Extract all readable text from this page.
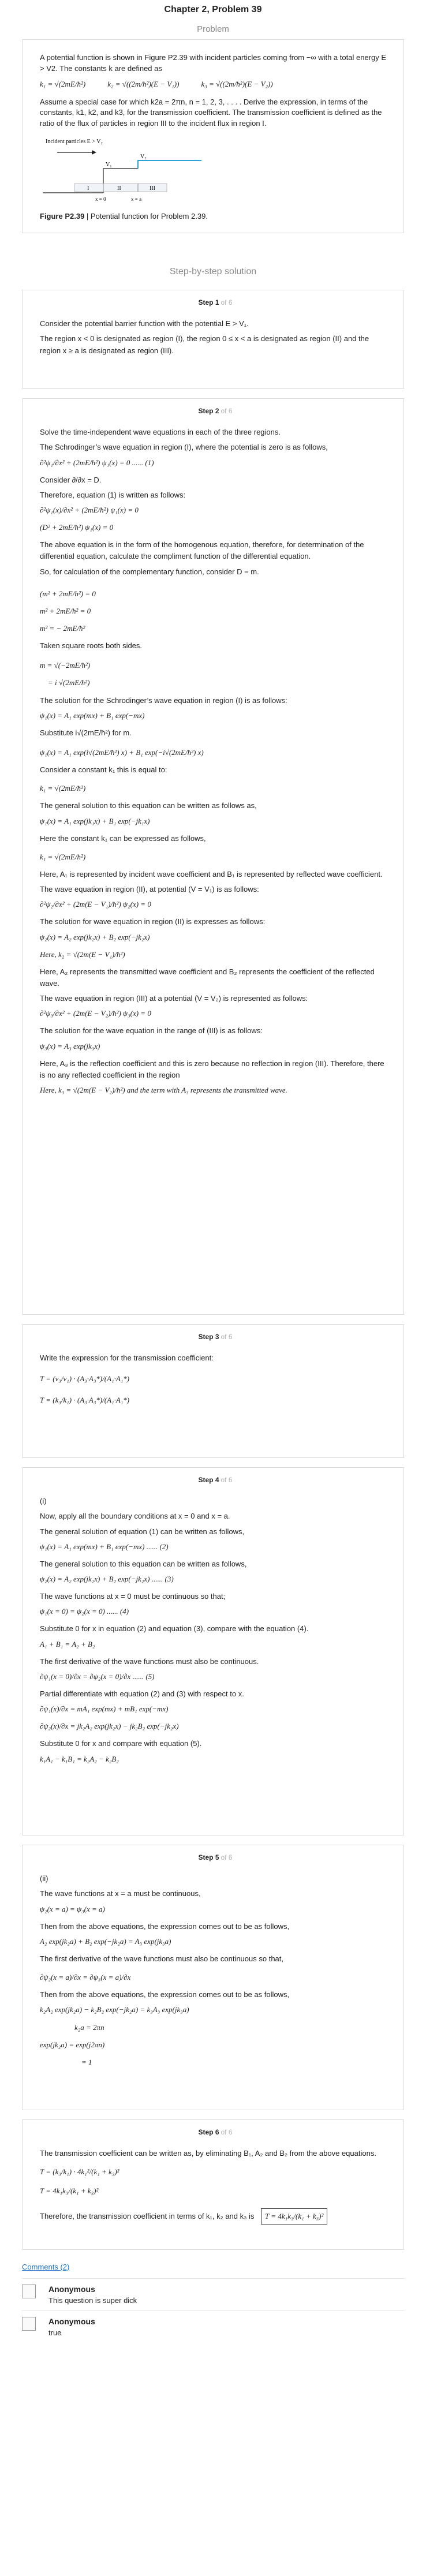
Chapter 2, Problem 39
Problem

A potential function is shown in Figure P2.39 with incident particles coming from −∞ with a total energy E > V2. The constants k are defined as

k₁ = √(2mE/ħ²)	k₂ = √((2m/ħ²)(E − V₁))	k₃ = √((2m/ħ²)(E − V₂))

Assume a special case for which k2a = 2πn, n = 1, 2, 3, . . . . Derive the expression, in terms of the constants, k1, k2, and k3, for the transmission coefficient. The transmission coefficient is defined as the ratio of the flux of particles in region III to the incident flux in region I.

Incident particles E > V₂
V₁
V₂
I	II	III
x = 0	x = a
Figure P2.39 | Potential function for Problem 2.39.
Step-by-step solution
Step 1 of 6

Consider the potential barrier function with the potential E > V₁.

The region x < 0 is designated as region (I), the region 0 ≤ x < a is designated as region (II) and the region x ≥ a is designated as region (III).

Step 2 of 6

Solve the time-independent wave equations in each of the three regions.

The Schrodinger’s wave equation in region (I), where the potential is zero is as follows,

∂²ψ₁/∂x² + (2mE/ħ²) ψ₁(x) = 0 ...... (1)

Consider ∂/∂x = D.

Therefore, equation (1) is written as follows:

∂²ψ₁(x)/∂x² + (2mE/ħ²) ψ₁(x) = 0
(D² + 2mE/ħ²) ψ₁(x) = 0

The above equation is in the form of the homogenous equation, therefore, for determination of the differential equation, calculate the compliment function of the differential equation.

So, for calculation of the complementary function, consider D = m.

(m² + 2mE/ħ²) = 0
m² + 2mE/ħ² = 0
m² = − 2mE/ħ²

Taken square roots both sides.

m = √(−2mE/ħ²)
= i √(2mE/ħ²)

The solution for the Schrodinger’s wave equation in region (I) is as follows:

ψ₁(x) = A₁ exp(mx) + B₁ exp(−mx)

Substitute i√(2mE/ħ²) for m.

ψ₁(x) = A₁ exp(i√(2mE/ħ²) x) + B₁ exp(−i√(2mE/ħ²) x)

Consider a constant k₁ this is equal to:

k₁ = √(2mE/ħ²)

The general solution to this equation can be written as follows as,

ψ₁(x) = A₁ exp(jk₁x) + B₁ exp(−jk₁x)

Here the constant k₁ can be expressed as follows,

k₁ = √(2mE/ħ²)

Here, A₁ is represented by incident wave coefficient and B₁ is represented by reflected wave coefficient.

The wave equation in region (II), at potential (V = V₁) is as follows:

∂²ψ₂/∂x² + (2m(E − V₁)/ħ²) ψ₂(x) = 0

The solution for wave equation in region (II) is expresses as follows:

ψ₂(x) = A₂ exp(jk₂x) + B₂ exp(−jk₂x)
Here, k₂ = √(2m(E − V₁)/ħ²)

Here, A₂ represents the transmitted wave coefficient and B₂ represents the coefficient of the reflected wave.

The wave equation in region (III) at a potential (V = V₂) is represented as follows:

∂²ψ₃/∂x² + (2m(E − V₂)/ħ²) ψ₃(x) = 0

The solution for the wave equation in the range of (III) is as follows:

ψ₃(x) = A₃ exp(jk₃x)

Here, A₃ is the reflection coefficient and this is zero because no reflection in region (III). Therefore, there is no any reflected coefficient in the region

Here, k₃ = √(2m(E − V₂)/ħ²) and the term with A₃ represents the transmitted wave.
Step 3 of 6

Write the expression for the transmission coefficient:

T = (v₃/v₁) · (A₃·A₃*)/(A₁·A₁*)
T = (k₃/k₁) · (A₃·A₃*)/(A₁·A₁*)
Step 4 of 6

(i)

Now, apply all the boundary conditions at x = 0 and x = a.

The general solution of equation (1) can be written as follows,

ψ₁(x) = A₁ exp(mx) + B₁ exp(−mx) ...... (2)

The general solution to this equation can be written as follows,

ψ₂(x) = A₂ exp(jk₂x) + B₂ exp(−jk₂x) ...... (3)

The wave functions at x = 0 must be continuous so that;

ψ₁(x = 0) = ψ₂(x = 0) ...... (4)

Substitute 0 for x in equation (2) and equation (3), compare with the equation (4).

A₁ + B₁ = A₂ + B₂

The first derivative of the wave functions must also be continuous.

∂ψ₁(x = 0)/∂x = ∂ψ₂(x = 0)/∂x ...... (5)

Partial differentiate with equation (2) and (3) with respect to x.

∂ψ₁(x)/∂x = mA₁ exp(mx) + mB₁ exp(−mx)
∂ψ₂(x)/∂x = jk₂A₂ exp(jk₂x) − jk₂B₂ exp(−jk₂x)

Substitute 0 for x and compare with equation (5).

k₁A₁ − k₁B₁ = k₂A₂ − k₂B₂
Step 5 of 6

(ii)

The wave functions at x = a must be continuous,

ψ₂(x = a) = ψ₃(x = a)

Then from the above equations, the expression comes out to be as follows,

A₂ exp(jk₂a) + B₂ exp(−jk₂a) = A₃ exp(jk₃a)

The first derivative of the wave functions must also be continuous so that,

∂ψ₂(x = a)/∂x = ∂ψ₃(x = a)/∂x

Then from the above equations, the expression comes out to be as follows,

k₂A₂ exp(jk₂a) − k₂B₂ exp(−jk₂a) = k₃A₃ exp(jk₃a)
k₂a = 2πn
exp(jk₂a) = exp(j2πn)
= 1
Step 6 of 6

The transmission coefficient can be written as, by eliminating B₁, A₂ and B₂ from the above equations.

T = (k₃/k₁) · 4k₁²/(k₁ + k₃)²
T = 4k₁k₃/(k₁ + k₃)²

Therefore, the transmission coefficient in terms of k₁, k₂ and k₃ is T = 4k₁k₃/(k₁ + k₃)²

Comments (2)
Anonymous
This question is super dick
Anonymous
true
